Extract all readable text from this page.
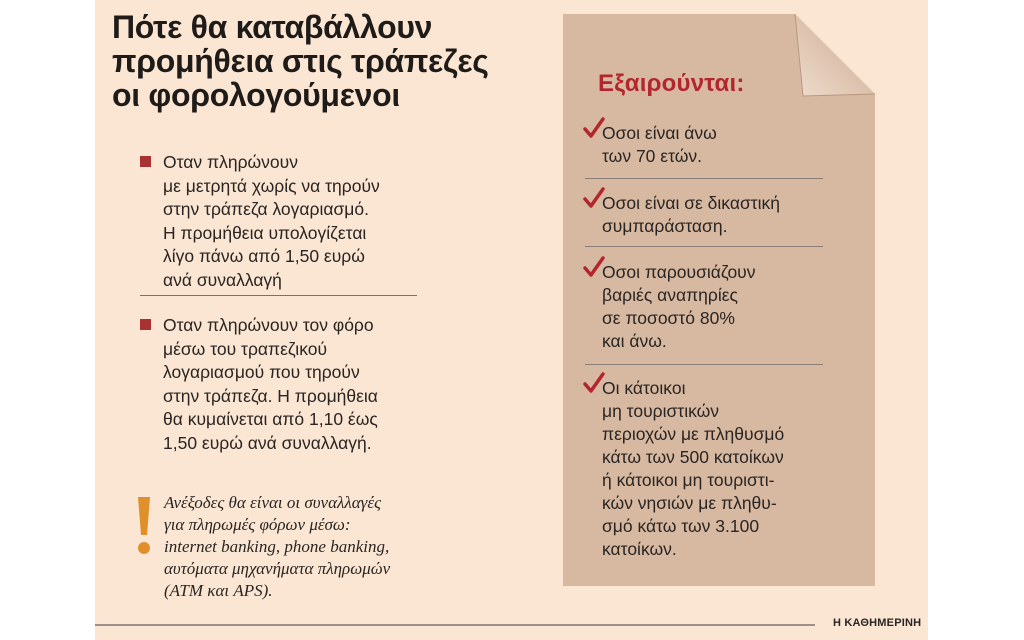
Πότε θα καταβάλλουν
προμήθεια στις τράπεζες
οι φορολογούμενοι
Οταν πληρώνουν
με μετρητά χωρίς να τηρούν
στην τράπεζα λογαριασμό.
Η προμήθεια υπολογίζεται
λίγο πάνω από 1,50 ευρώ
ανά συναλλαγή
Οταν πληρώνουν τον φόρο
μέσω του τραπεζικού
λογαριασμού που τηρούν
στην τράπεζα. Η προμήθεια
θα κυμαίνεται από 1,10 έως
1,50 ευρώ ανά συναλλαγή.
Ανέξοδες θα είναι οι συναλλαγές
για πληρωμές φόρων μέσω:
internet banking, phone banking,
αυτόματα μηχανήματα πληρωμών
(ΑΤΜ και APS).
Εξαιρούνται:
Οσοι είναι άνω
των 70 ετών.
Οσοι είναι σε δικαστική
συμπαράσταση.
Οσοι παρουσιάζουν
βαριές αναπηρίες
σε ποσοστό 80%
και άνω.
Οι κάτοικοι
μη τουριστικών
περιοχών με πληθυσμό
κάτω των 500 κατοίκων
ή κάτοικοι μη τουριστι-
κών νησιών με πληθυ-
σμό κάτω των 3.100
κατοίκων.
Η ΚΑΘΗΜΕΡΙΝΗ
